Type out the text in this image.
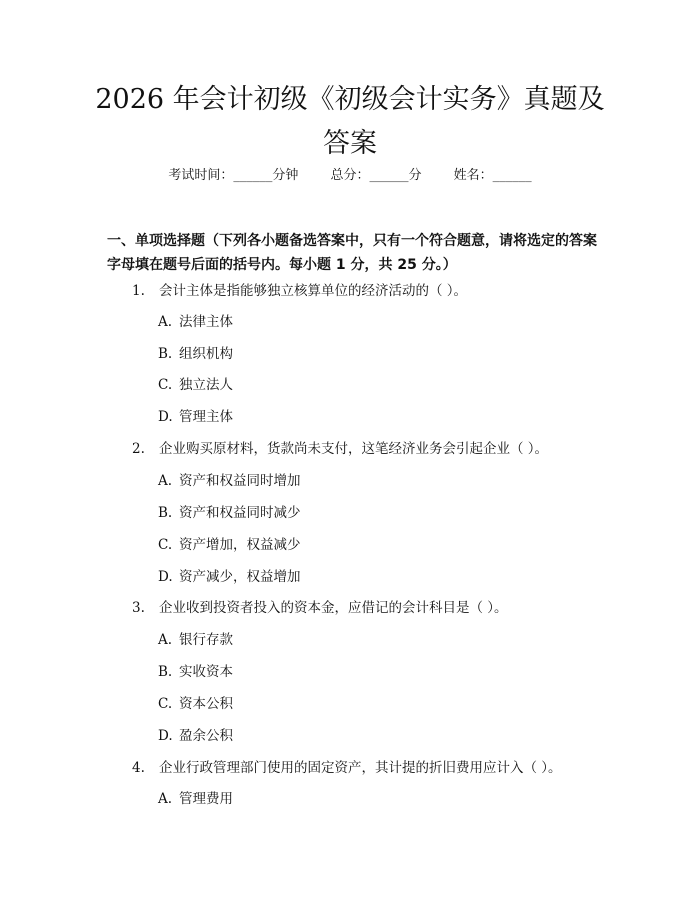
2026 年会计初级《初级会计实务》真题及答案
考试时间：______分钟 总分：______分 姓名：______
一、单项选择题（下列各小题备选答案中，只有一个符合题意，请将选定的答案字母填在题号后面的括号内。每小题 1 分，共 25 分。）
1. 会计主体是指能够独立核算单位的经济活动的（ ）。
A. 法律主体
B. 组织机构
C. 独立法人
D. 管理主体
2. 企业购买原材料，货款尚未支付，这笔经济业务会引起企业（ ）。
A. 资产和权益同时增加
B. 资产和权益同时减少
C. 资产增加，权益减少
D. 资产减少，权益增加
3. 企业收到投资者投入的资本金，应借记的会计科目是（ ）。
A. 银行存款
B. 实收资本
C. 资本公积
D. 盈余公积
4. 企业行政管理部门使用的固定资产，其计提的折旧费用应计入（ ）。
A. 管理费用
